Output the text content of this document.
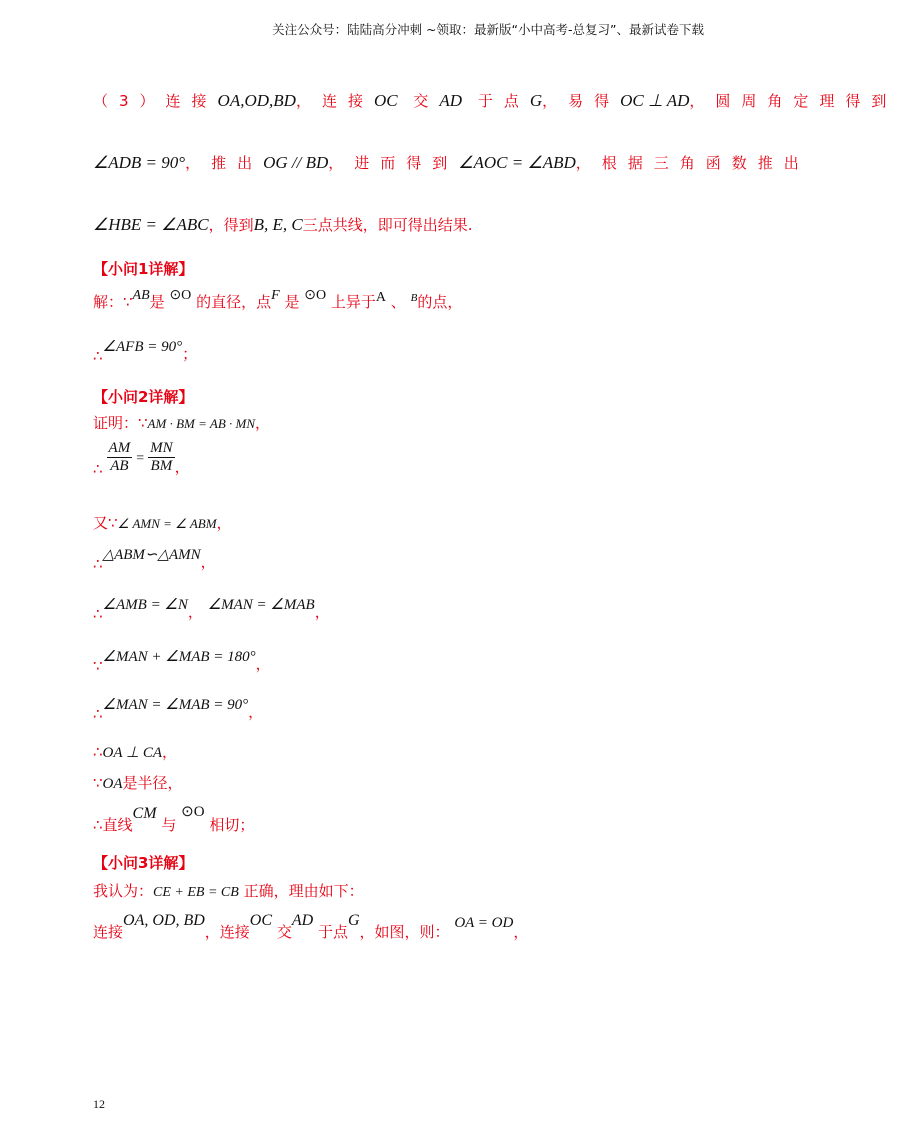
关注公众号：陆陆高分冲刺 ~领取：最新版“小中高考-总复习”、最新试卷下载
（3）连接OA,OD,BD，连接OC 交AD 于点G，易得OC ⊥ AD，圆周角定理得到
∠ADB = 90°，推出OG // BD，进而得到∠AOC = ∠ABD，根据三角函数推出
∠HBE = ∠ABC，得到B, E, C三点共线，即可得出结果.
【小问1详解】
解：∵AB是 ⊙O 的直径，点F 是 ⊙O 上异于A 、 $^B$的点，
∴∠AFB = 90°；
【小问2详解】
证明：∵AM · BM = AB · MN，
∴ $\frac{AM}{AB} = \frac{MN}{BM}$ ，
又∵∠ AMN = ∠ ABM，
∴△ABM∽△AMN，
∴∠AMB = ∠N， ∠MAN = ∠MAB，
∵∠MAN + ∠MAB = 180°，
∴∠MAN = ∠MAB = 90°，
∴OA ⊥ CA，
∵OA是半径，
∴直线CM 与 ⊙O 相切；
【小问3详解】
我认为：CE + EB = CB 正确，理由如下：
连接OA, OD, BD，连接OC 交AD 于点G，如图，则： OA = OD，
12
